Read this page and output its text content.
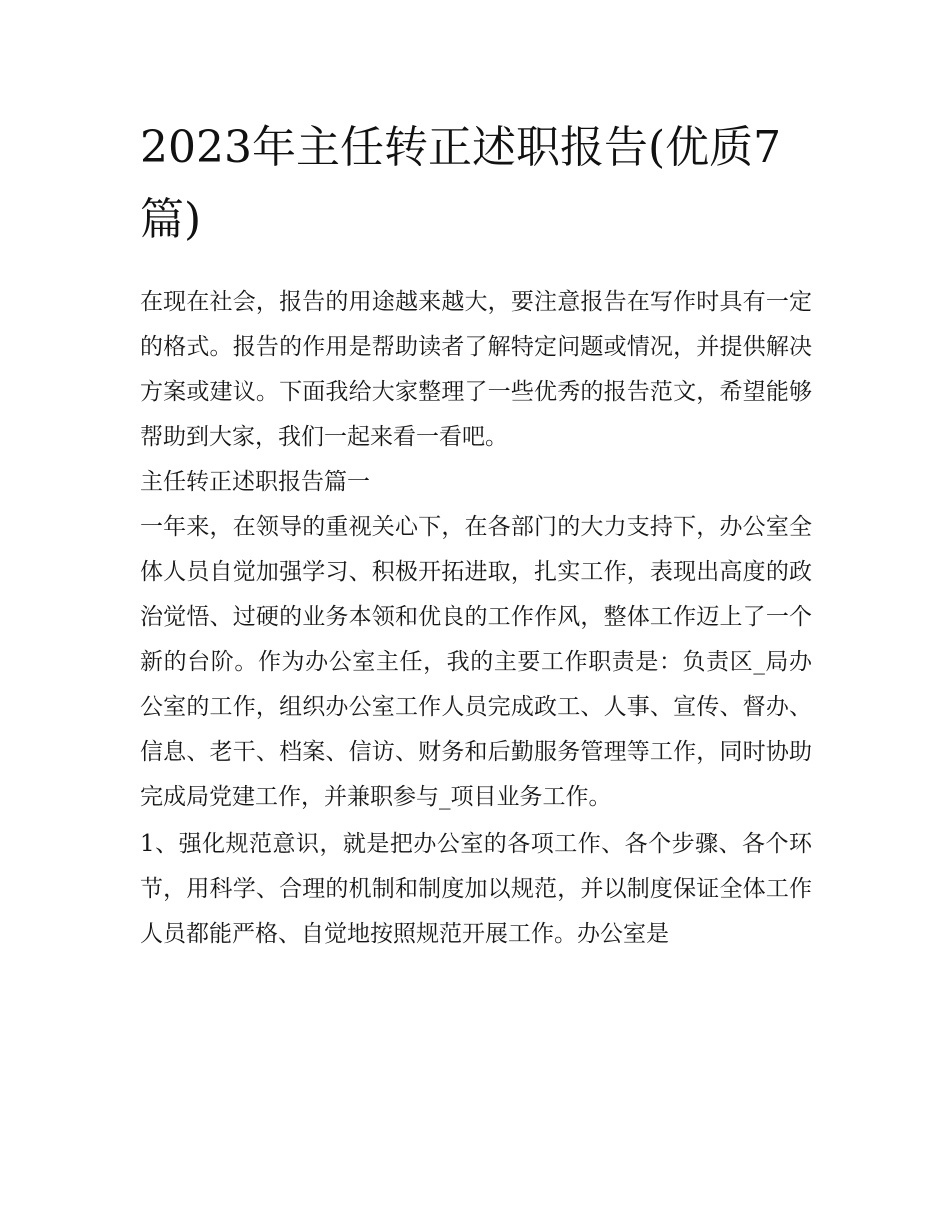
2023年主任转正述职报告(优质7篇)

在现在社会，报告的用途越来越大，要注意报告在写作时具有一定的格式。报告的作用是帮助读者了解特定问题或情况，并提供解决方案或建议。下面我给大家整理了一些优秀的报告范文，希望能够帮助到大家，我们一起来看一看吧。

主任转正述职报告篇一

一年来，在领导的重视关心下，在各部门的大力支持下，办公室全体人员自觉加强学习、积极开拓进取，扎实工作，表现出高度的政治觉悟、过硬的业务本领和优良的工作作风，整体工作迈上了一个新的台阶。作为办公室主任，我的主要工作职责是：负责区_局办公室的工作，组织办公室工作人员完成政工、人事、宣传、督办、信息、老干、档案、信访、财务和后勤服务管理等工作，同时协助完成局党建工作，并兼职参与_项目业务工作。

1、强化规范意识，就是把办公室的各项工作、各个步骤、各个环节，用科学、合理的机制和制度加以规范，并以制度保证全体工作人员都能严格、自觉地按照规范开展工作。办公室是
